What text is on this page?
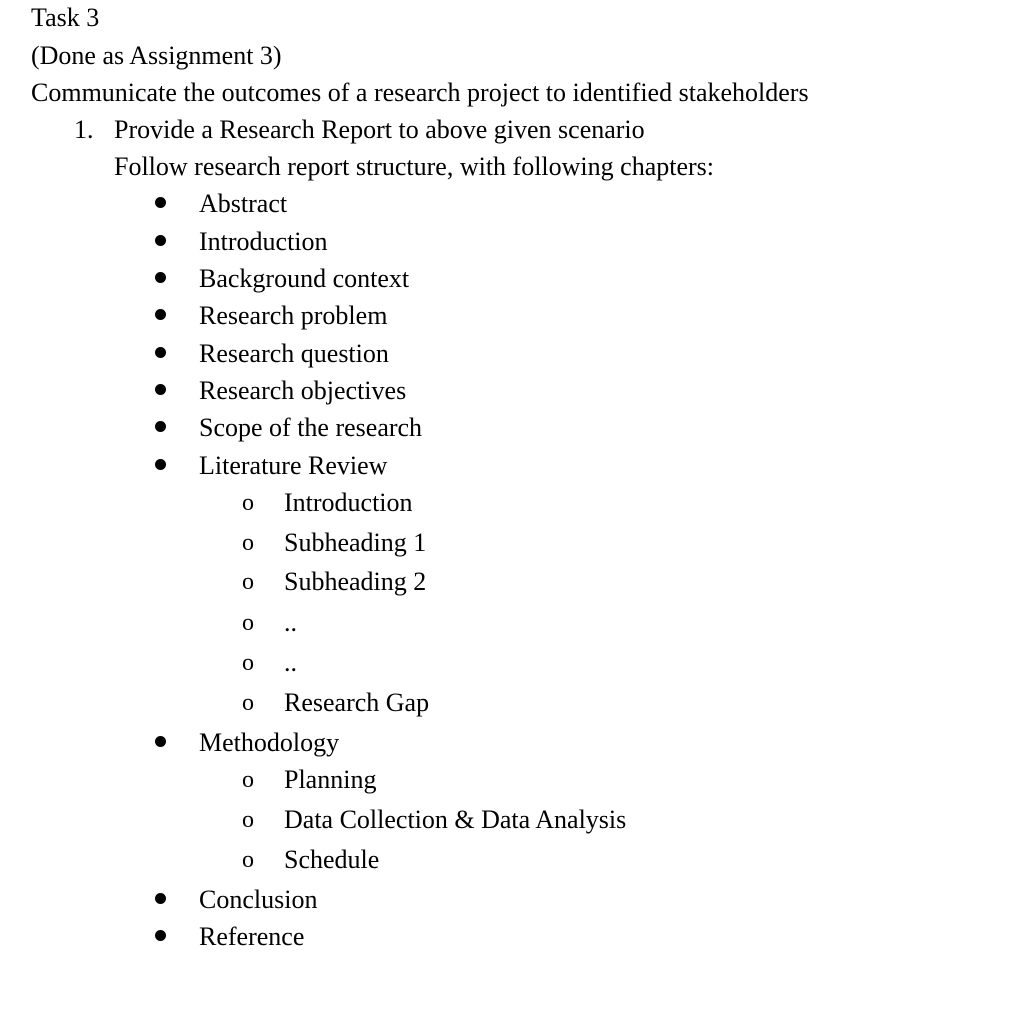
Task 3
(Done as Assignment 3)
Communicate the outcomes of a research project to identified stakeholders
1. Provide a Research Report to above given scenario
Follow research report structure, with following chapters:
Abstract
Introduction
Background context
Research problem
Research question
Research objectives
Scope of the research
Literature Review
o Introduction
o Subheading 1
o Subheading 2
o ..
o ..
o Research Gap
Methodology
o Planning
o Data Collection & Data Analysis
o Schedule
Conclusion
Reference
